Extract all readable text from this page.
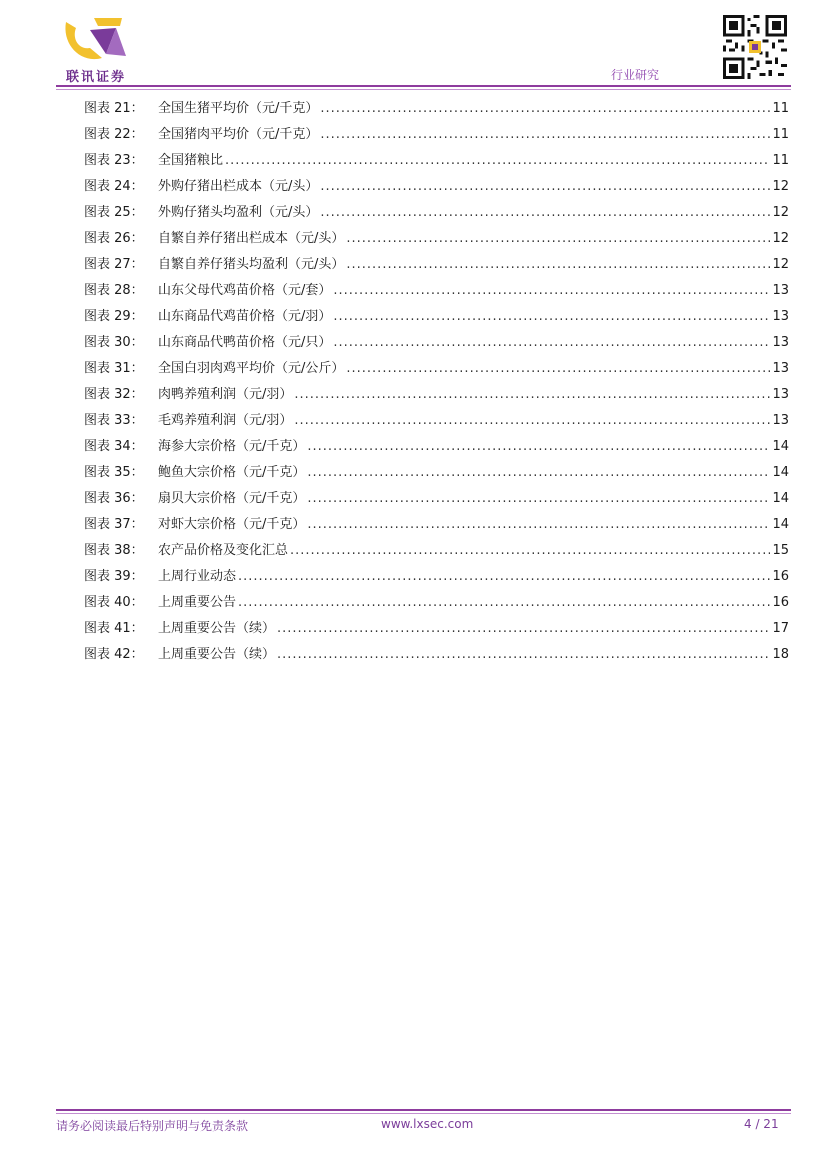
联讯证券	行业研究
图表 21：	全国生猪平均价（元/千克） .....	11
图表 22：	全国猪肉平均价（元/千克） .....	11
图表 23：	全国猪粮比 .....	11
图表 24：	外购仔猪出栏成本（元/头） .....	12
图表 25：	外购仔猪头均盈利（元/头） .....	12
图表 26：	自繁自养仔猪出栏成本（元/头） .....	12
图表 27：	自繁自养仔猪头均盈利（元/头） .....	12
图表 28：	山东父母代鸡苗价格（元/套） .....	13
图表 29：	山东商品代鸡苗价格（元/羽） .....	13
图表 30：	山东商品代鸭苗价格（元/只） .....	13
图表 31：	全国白羽肉鸡平均价（元/公斤） .....	13
图表 32：	肉鸭养殖利润（元/羽） .....	13
图表 33：	毛鸡养殖利润（元/羽） .....	13
图表 34：	海参大宗价格（元/千克） .....	14
图表 35：	鲍鱼大宗价格（元/千克） .....	14
图表 36：	扇贝大宗价格（元/千克） .....	14
图表 37：	对虾大宗价格（元/千克） .....	14
图表 38：	农产品价格及变化汇总 .....	15
图表 39：	上周行业动态 .....	16
图表 40：	上周重要公告 .....	16
图表 41：	上周重要公告（续） .....	17
图表 42：	上周重要公告（续） .....	18
请务必阅读最后特别声明与免责条款	www.lxsec.com	4 / 21
